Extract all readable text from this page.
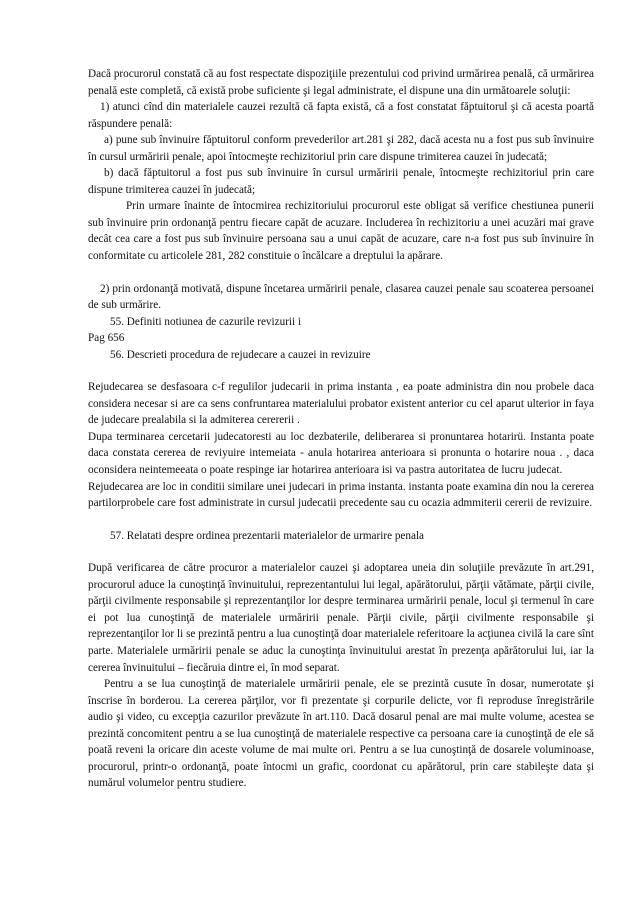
Dacă procurorul constată că au fost respectate dispoziţiile prezentului cod privind urmărirea penală, că urmărirea penală este completă, că există probe suficiente şi legal administrate, el dispune una din următoarele soluţii:

1) atunci cînd din materialele cauzei rezultă că fapta există, că a fost constatat făptuitorul şi că acesta poartă răspundere penală:

a) pune sub învinuire făptuitorul conform prevederilor art.281 şi 282, dacă acesta nu a fost pus sub învinuire în cursul urmăririi penale, apoi întocmeşte rechizitoriul prin care dispune trimiterea cauzei în judecată;

b) dacă făptuitorul a fost pus sub învinuire în cursul urmăririi penale, întocmeşte rechizitoriul prin care dispune trimiterea cauzei în judecată;

Prin urmare înainte de întocmirea rechizitoriului procurorul este obligat să verifice chestiunea punerii sub învinuire prin ordonanţă pentru fiecare capăt de acuzare. Includerea în rechizitoriu a unei acuzări mai grave decât cea care a fost pus sub învinuire persoana sau a unui capăt de acuzare, care n-a fost pus sub învinuire în conformitate cu articolele 281, 282 constituie o încălcare a dreptului la apărare.

2) prin ordonanţă motivată, dispune încetarea urmăririi penale, clasarea cauzei penale sau scoaterea persoanei de sub urmărire.

55. Definiti notiunea de cazurile revizurii i

Pag 656

56. Descrieti procedura de rejudecare a cauzei in revizuire

Rejudecarea se desfasoara c-f regulilor judecarii in prima instanta , ea poate administra din nou probele daca considera necesar si are ca sens confruntarea materialului probator existent anterior cu cel aparut ulterior in faya de judecare prealabila si la admiterea cerererii .

Dupa terminarea cercetarii judecatoresti au loc dezbaterile, deliberarea si pronuntarea hotarirü. Instanta poate daca constata cererea de reviyuire intemeiata - anula hotarirea anterioara si pronunta o hotarire noua . , daca oconsidera neintemeeata o poate respinge iar hotarirea anterioara isi va pastra autoritatea de lucru judecat.

Rejudecarea are loc in conditii similare unei judecari in prima instanta. instanta poate examina din nou la cererea partilorprobele care fost administrate in cursul judecatii precedente sau cu ocazia admmiterii cererii de revizuire.

57. Relatati despre ordinea prezentarii materialelor de urmarire penala

După verificarea de către procuror a materialelor cauzei şi adoptarea uneia din soluţiile prevăzute în art.291, procurorul aduce la cunoştinţă învinuitului, reprezentantului lui legal, apărătorului, părţii vătămate, părţii civile, părţii civilmente responsabile şi reprezentanţilor lor despre terminarea urmăririi penale, locul şi termenul în care ei pot lua cunoştinţă de materialele urmăririi penale. Părţii civile, părţii civilmente responsabile şi reprezentanţilor lor li se prezintă pentru a lua cunoştinţă doar materialele referitoare la acţiunea civilă la care sînt parte. Materialele urmăririi penale se aduc la cunoştinţa învinuitului arestat în prezenţa apărătorului lui, iar la cererea învinuitului – fiecăruia dintre ei, în mod separat.

Pentru a se lua cunoştinţă de materialele urmăririi penale, ele se prezintă cusute în dosar, numerotate şi înscrise în borderou. La cererea părţilor, vor fi prezentate şi corpurile delicte, vor fi reproduse înregistrările audio şi video, cu excepţia cazurilor prevăzute în art.110. Dacă dosarul penal are mai multe volume, acestea se prezintă concomitent pentru a se lua cunoştinţă de materialele respective ca persoana care ia cunoştinţă de ele să poată reveni la oricare din aceste volume de mai multe ori. Pentru a se lua cunoştinţă de dosarele voluminoase, procurorul, printr-o ordonanţă, poate întocmi un grafic, coordonat cu apărătorul, prin care stabileşte data şi numărul volumelor pentru studiere.
